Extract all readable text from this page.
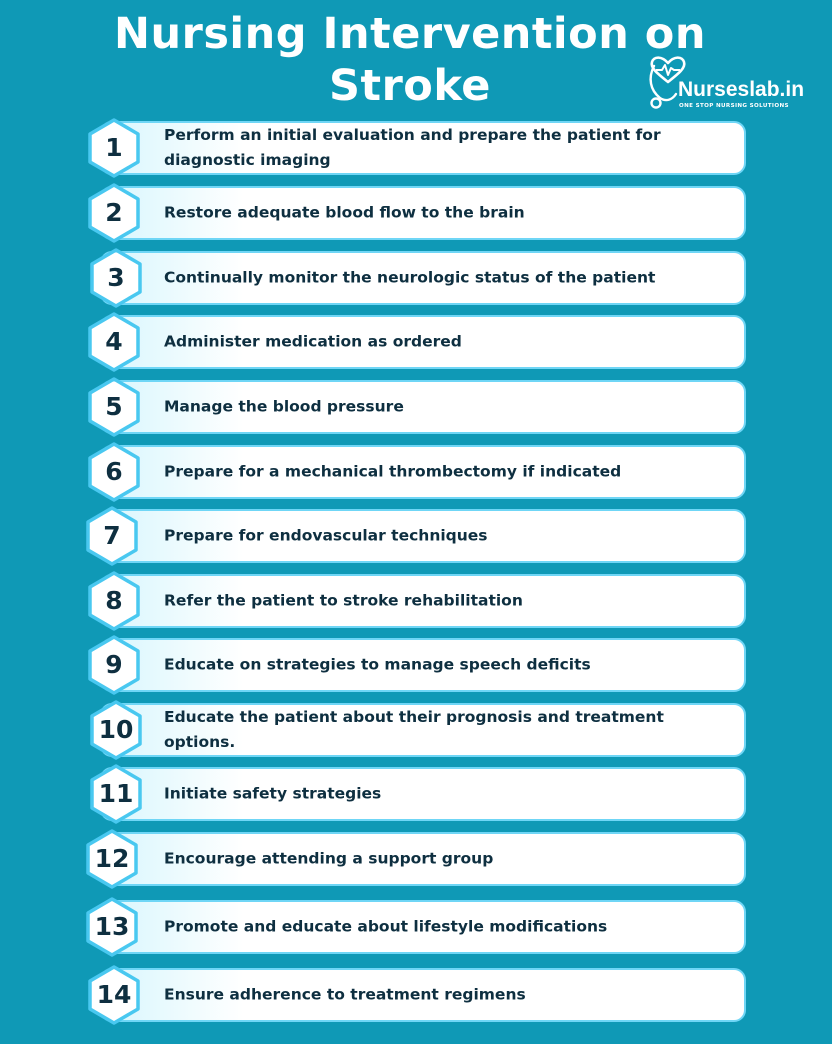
Nursing Intervention on
Stroke	Nurseslab.in
ONE STOP NURSING SOLUTIONS
Perform an initial evaluation and prepare the patient for diagnostic imaging
1
Restore adequate blood flow to the brain
2
Continually monitor the neurologic status of the patient
3
Administer medication as ordered
4
Manage the blood pressure
5
Prepare for a mechanical thrombectomy if indicated
6
Prepare for endovascular techniques
7
Refer the patient to stroke rehabilitation
8
Educate on strategies to manage speech deficits
9
Educate the patient about their prognosis and treatment options.
10
Initiate safety strategies
11
Encourage attending a support group
12
Promote and educate about lifestyle modifications
13
Ensure adherence to treatment regimens
14
